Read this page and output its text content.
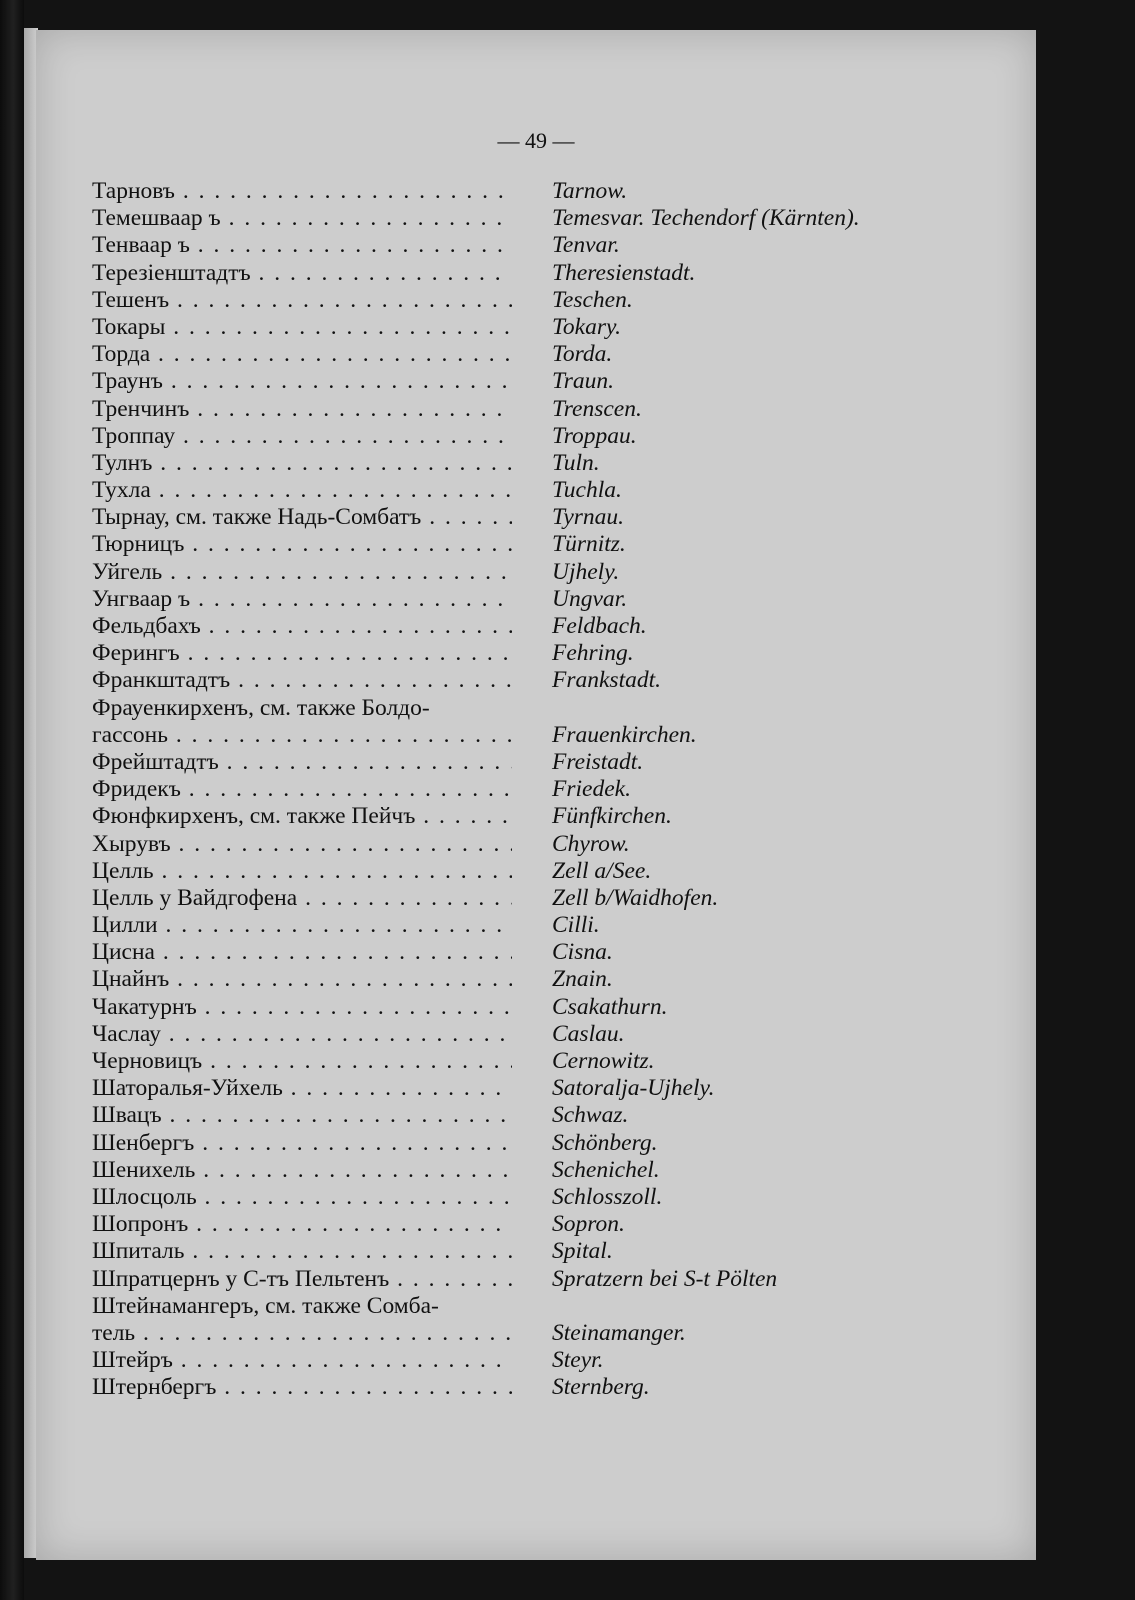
— 49 —
Тарновъ . . .	Tarnow.
Темешваар ъ . . .	Temesvar. Techendorf (Kärnten).
Тенваар ъ . . .	Tenvar.
Терезiенштадтъ . . .	Theresienstadt.
Тешенъ . . .	Teschen.
Токары . . .	Tokary.
Торда . . .	Torda.
Траунъ . . .	Traun.
Тренчинъ . . .	Trenscen.
Троппау . . .	Troppau.
Тулнъ . . .	Tuln.
Тухла . . .	Tuchla.
Тырнау, см. также Надь-Сомбатъ . . .	Tyrnau.
Тюрницъ . . .	Türnitz.
Уйгель . . .	Ujhely.
Унгваар ъ . . .	Ungvar.
Фельдбахъ . . .	Feldbach.
Ферингъ . . .	Fehring.
Франкштадтъ . . .	Frankstadt.
Фрауенкирхенъ, см. также Болдо-
гассонь . . .	Frauenkirchen.
Фрейштадтъ . . .	Freistadt.
Фридекъ . . .	Friedek.
Фюнфкирхенъ, см. также Пейчъ . . .	Fünfkirchen.
Хырувъ . . .	Chyrow.
Целль . . .	Zell a/See.
Целль у Вайдгофена . . .	Zell b/Waidhofen.
Цилли . . .	Cilli.
Цисна . . .	Cisna.
Цнайнъ . . .	Znain.
Чакатурнъ . . .	Csakathurn.
Часлау . . .	Caslau.
Черновицъ . . .	Cernowitz.
Шаторалья-Уйхель . . .	Satoralja-Ujhely.
Швацъ . . .	Schwaz.
Шенбергъ . . .	Schönberg.
Шенихель . . .	Schenichel.
Шлосцоль . . .	Schlosszoll.
Шопронъ . . .	Sopron.
Шпиталь . . .	Spital.
Шпратцернъ у С-тъ Пельтенъ . . .	Spratzern bei S-t Pölten
Штейнамангеръ, см. также Сомба-
тель . . .	Steinamanger.
Штейръ . . .	Steyr.
Штернбергъ . . .	Sternberg.
